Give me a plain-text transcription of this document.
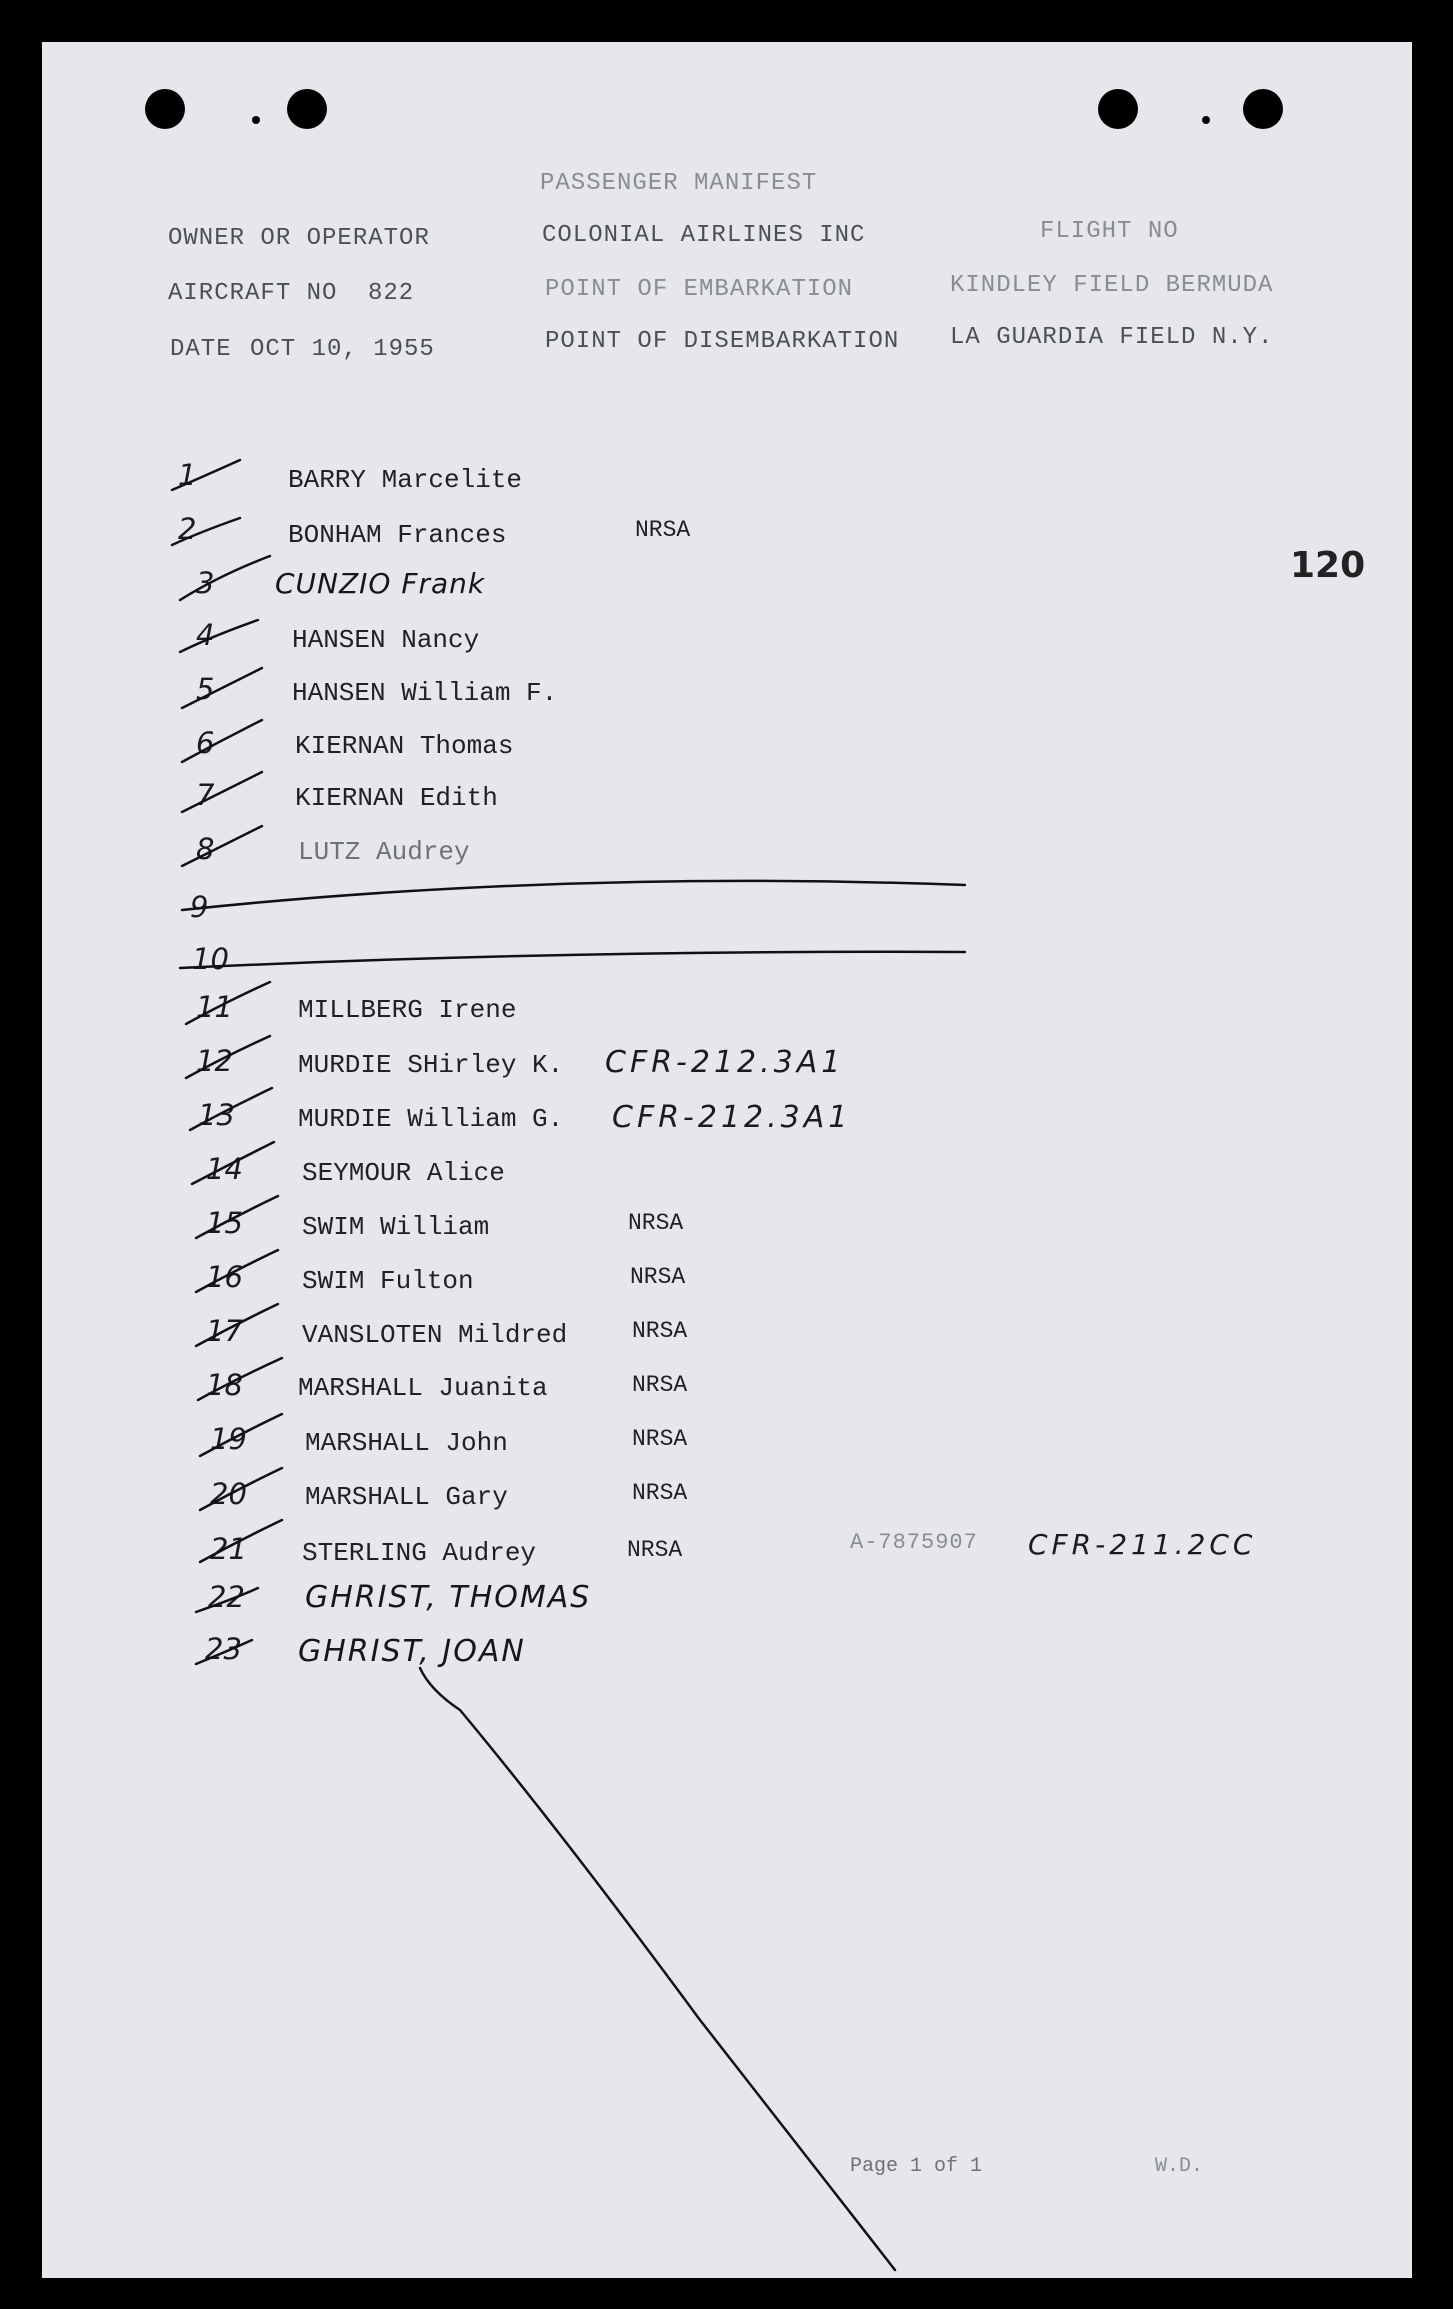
PASSENGER MANIFEST
OWNER OR OPERATOR	COLONIAL AIRLINES INC	FLIGHT NO
AIRCRAFT NO 822	POINT OF EMBARKATION	KINDLEY FIELD BERMUDA
DATE OCT 10, 1955	POINT OF DISEMBARKATION LA GUARDIA FIELD N.Y.
120
1	BARRY Marcelite
2	BONHAM Frances	NRSA
3 CUNZIO Frank
4	HANSEN Nancy
5	HANSEN William F.
6	KIERNAN Thomas
7	KIERNAN Edith
8	LUTZ Audrey
9
10
11	MILLBERG Irene
12	MURDIE SHirley K. CFR-212.3A1
13 MURDIE William G. CFR-212.3A1
14 SEYMOUR Alice
15 SWIM William	NRSA
16 SWIM Fulton	NRSA
17 VANSLOTEN Mildred	NRSA
18 MARSHALL Juanita	NRSA
19 MARSHALL John	NRSA
20 MARSHALL Gary	NRSA
21 STERLING Audrey	NRSA	A-7875907 CFR-211.2CC
22 GHRIST, THOMAS
23 GHRIST, JOAN
Page 1 of 1	W.D.
